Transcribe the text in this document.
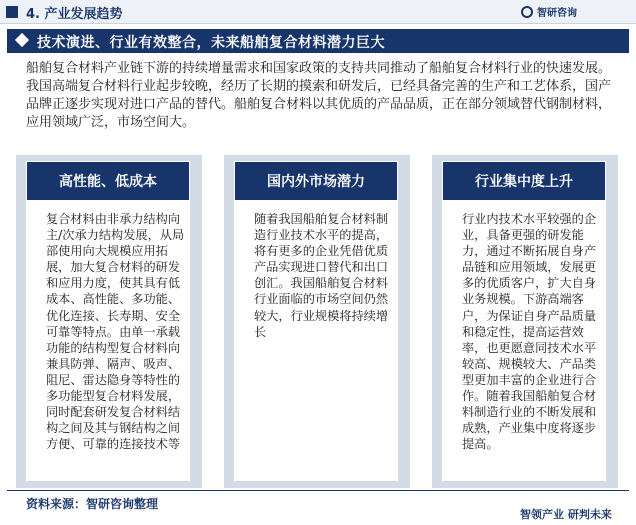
4. 产业发展趋势	智研咨询
技术演进、行业有效整合，未来船舶复合材料潜力巨大
船舶复合材料产业链下游的持续增量需求和国家政策的支持共同推动了船舶复合材料行业的快速发展。我国高端复合材料行业起步较晚，经历了长期的摸索和研发后，已经具备完善的生产和工艺体系，国产品牌正逐步实现对进口产品的替代。船舶复合材料以其优质的产品品质，正在部分领域替代钢制材料，应用领域广泛，市场空间大。
高性能、低成本

复合材料由非承力结构向主/次承力结构发展，从局部使用向大规模应用拓展，加大复合材料的研发和应用力度，使其具有低成本、高性能、多功能、优化连接、长寿期、安全可靠等特点。由单一承载功能的结构型复合材料向兼具防弹、隔声、吸声、阻尼、雷达隐身等特性的多功能型复合材料发展，同时配套研发复合材料结构之间及其与钢结构之间方便、可靠的连接技术等

国内外市场潜力

随着我国船舶复合材料制造行业技术水平的提高，将有更多的企业凭借优质产品实现进口替代和出口创汇。我国船舶复合材料行业面临的市场空间仍然较大，行业规模将持续增长

行业集中度上升

行业内技术水平较强的企业，具备更强的研发能力，通过不断拓展自身产品链和应用领域，发展更多的优质客户，扩大自身业务规模。下游高端客户，为保证自身产品质量和稳定性，提高运营效率，也更愿意同技术水平较高、规模较大、产品类型更加丰富的企业进行合作。随着我国船舶复合材料制造行业的不断发展和成熟，产业集中度将逐步提高。

资料来源：智研咨询整理
智领产业 研判未来
